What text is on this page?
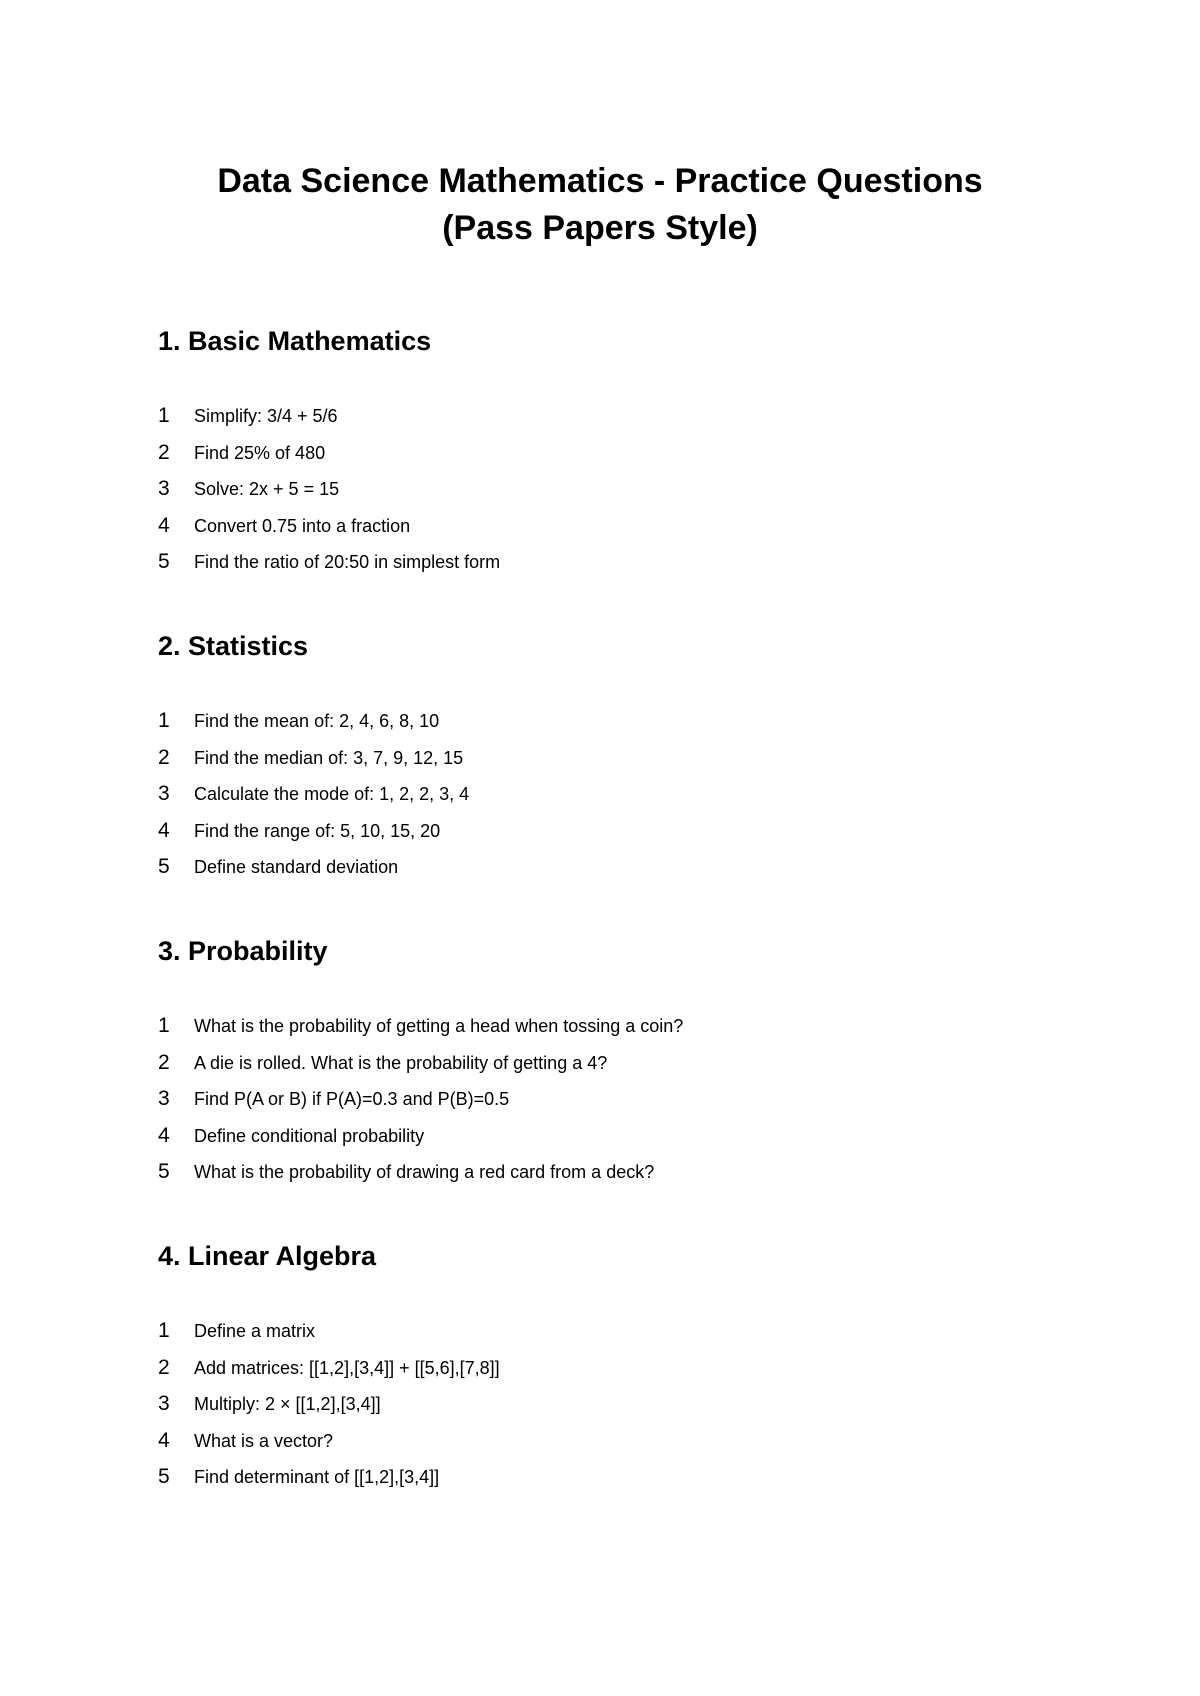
Data Science Mathematics - Practice Questions
(Pass Papers Style)
1. Basic Mathematics
1	Simplify: 3/4 + 5/6
2	Find 25% of 480
3	Solve: 2x + 5 = 15
4	Convert 0.75 into a fraction
5	Find the ratio of 20:50 in simplest form
2. Statistics
1	Find the mean of: 2, 4, 6, 8, 10
2	Find the median of: 3, 7, 9, 12, 15
3	Calculate the mode of: 1, 2, 2, 3, 4
4	Find the range of: 5, 10, 15, 20
5	Define standard deviation
3. Probability
1	What is the probability of getting a head when tossing a coin?
2	A die is rolled. What is the probability of getting a 4?
3	Find P(A or B) if P(A)=0.3 and P(B)=0.5
4	Define conditional probability
5	What is the probability of drawing a red card from a deck?
4. Linear Algebra
1	Define a matrix
2	Add matrices: [[1,2],[3,4]] + [[5,6],[7,8]]
3	Multiply: 2 × [[1,2],[3,4]]
4	What is a vector?
5	Find determinant of [[1,2],[3,4]]
